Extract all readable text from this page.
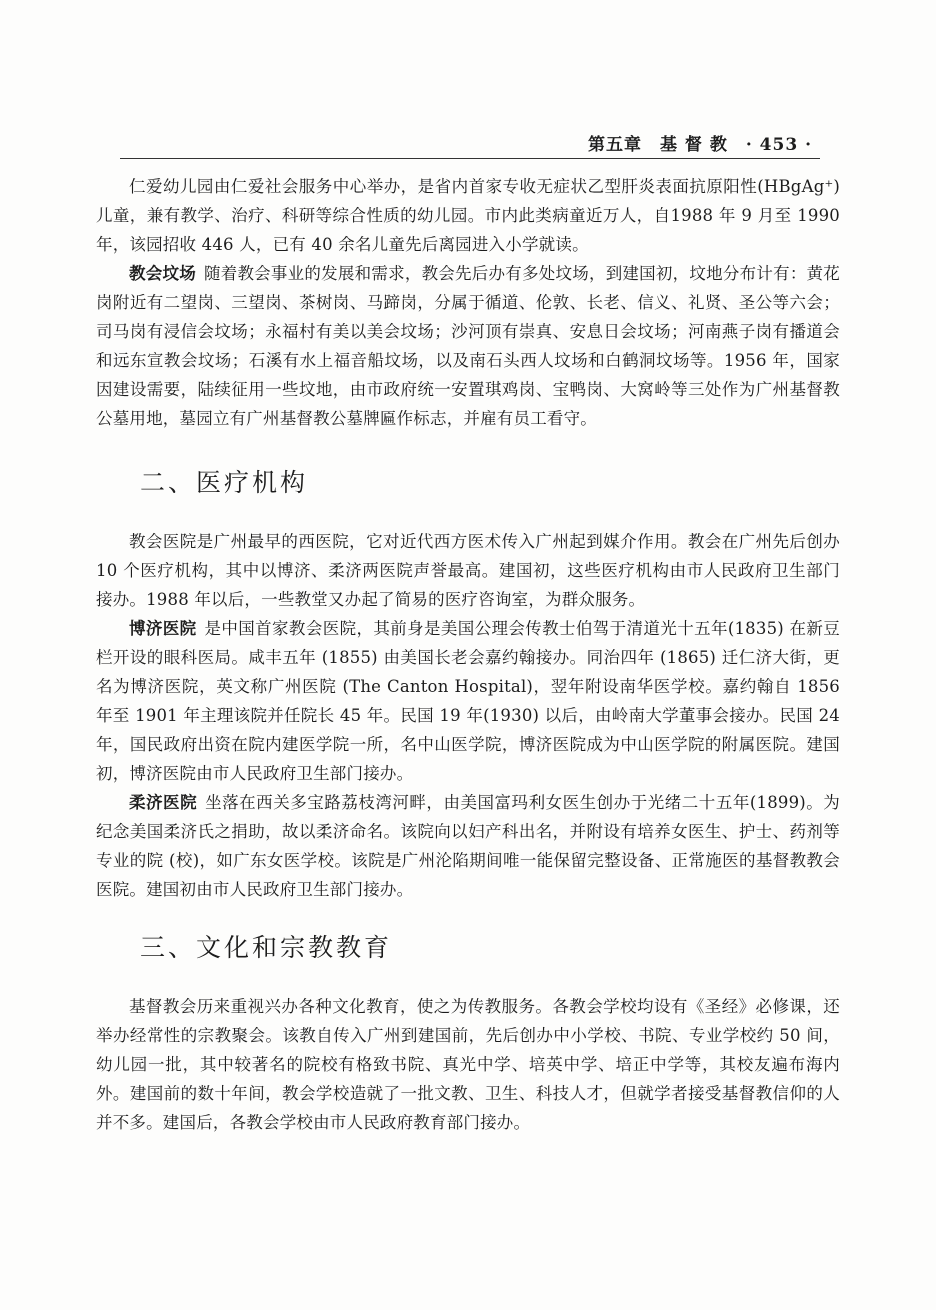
第五章　基 督 教　· 453 ·

仁爱幼儿园由仁爱社会服务中心举办，是省内首家专收无症状乙型肝炎表面抗原阳性(HBgAg⁺) 儿童，兼有教学、治疗、科研等综合性质的幼儿园。市内此类病童近万人，自1988 年 9 月至 1990 年，该园招收 446 人，已有 40 余名儿童先后离园进入小学就读。

教会坟场 随着教会事业的发展和需求，教会先后办有多处坟场，到建国初，坟地分布计有：黄花岗附近有二望岗、三望岗、茶树岗、马蹄岗，分属于循道、伦敦、长老、信义、礼贤、圣公等六会；司马岗有浸信会坟场；永福村有美以美会坟场；沙河顶有崇真、安息日会坟场；河南燕子岗有播道会和远东宣教会坟场；石溪有水上福音船坟场，以及南石头西人坟场和白鹤洞坟场等。1956 年，国家因建设需要，陆续征用一些坟地，由市政府统一安置琪鸡岗、宝鸭岗、大窝岭等三处作为广州基督教公墓用地，墓园立有广州基督教公墓牌匾作标志，并雇有员工看守。

二、医疗机构

教会医院是广州最早的西医院，它对近代西方医术传入广州起到媒介作用。教会在广州先后创办 10 个医疗机构，其中以博济、柔济两医院声誉最高。建国初，这些医疗机构由市人民政府卫生部门接办。1988 年以后，一些教堂又办起了简易的医疗咨询室，为群众服务。

博济医院 是中国首家教会医院，其前身是美国公理会传教士伯驾于清道光十五年(1835) 在新豆栏开设的眼科医局。咸丰五年 (1855) 由美国长老会嘉约翰接办。同治四年 (1865) 迁仁济大街，更名为博济医院，英文称广州医院 (The Canton Hospital)，翌年附设南华医学校。嘉约翰自 1856 年至 1901 年主理该院并任院长 45 年。民国 19 年(1930) 以后，由岭南大学董事会接办。民国 24 年，国民政府出资在院内建医学院一所，名中山医学院，博济医院成为中山医学院的附属医院。建国初，博济医院由市人民政府卫生部门接办。

柔济医院 坐落在西关多宝路荔枝湾河畔，由美国富玛利女医生创办于光绪二十五年(1899)。为纪念美国柔济氏之捐助，故以柔济命名。该院向以妇产科出名，并附设有培养女医生、护士、药剂等专业的院 (校)，如广东女医学校。该院是广州沦陷期间唯一能保留完整设备、正常施医的基督教教会医院。建国初由市人民政府卫生部门接办。

三、文化和宗教教育

基督教会历来重视兴办各种文化教育，使之为传教服务。各教会学校均设有《圣经》必修课，还举办经常性的宗教聚会。该教自传入广州到建国前，先后创办中小学校、书院、专业学校约 50 间，幼儿园一批，其中较著名的院校有格致书院、真光中学、培英中学、培正中学等，其校友遍布海内外。建国前的数十年间，教会学校造就了一批文教、卫生、科技人才，但就学者接受基督教信仰的人并不多。建国后，各教会学校由市人民政府教育部门接办。
